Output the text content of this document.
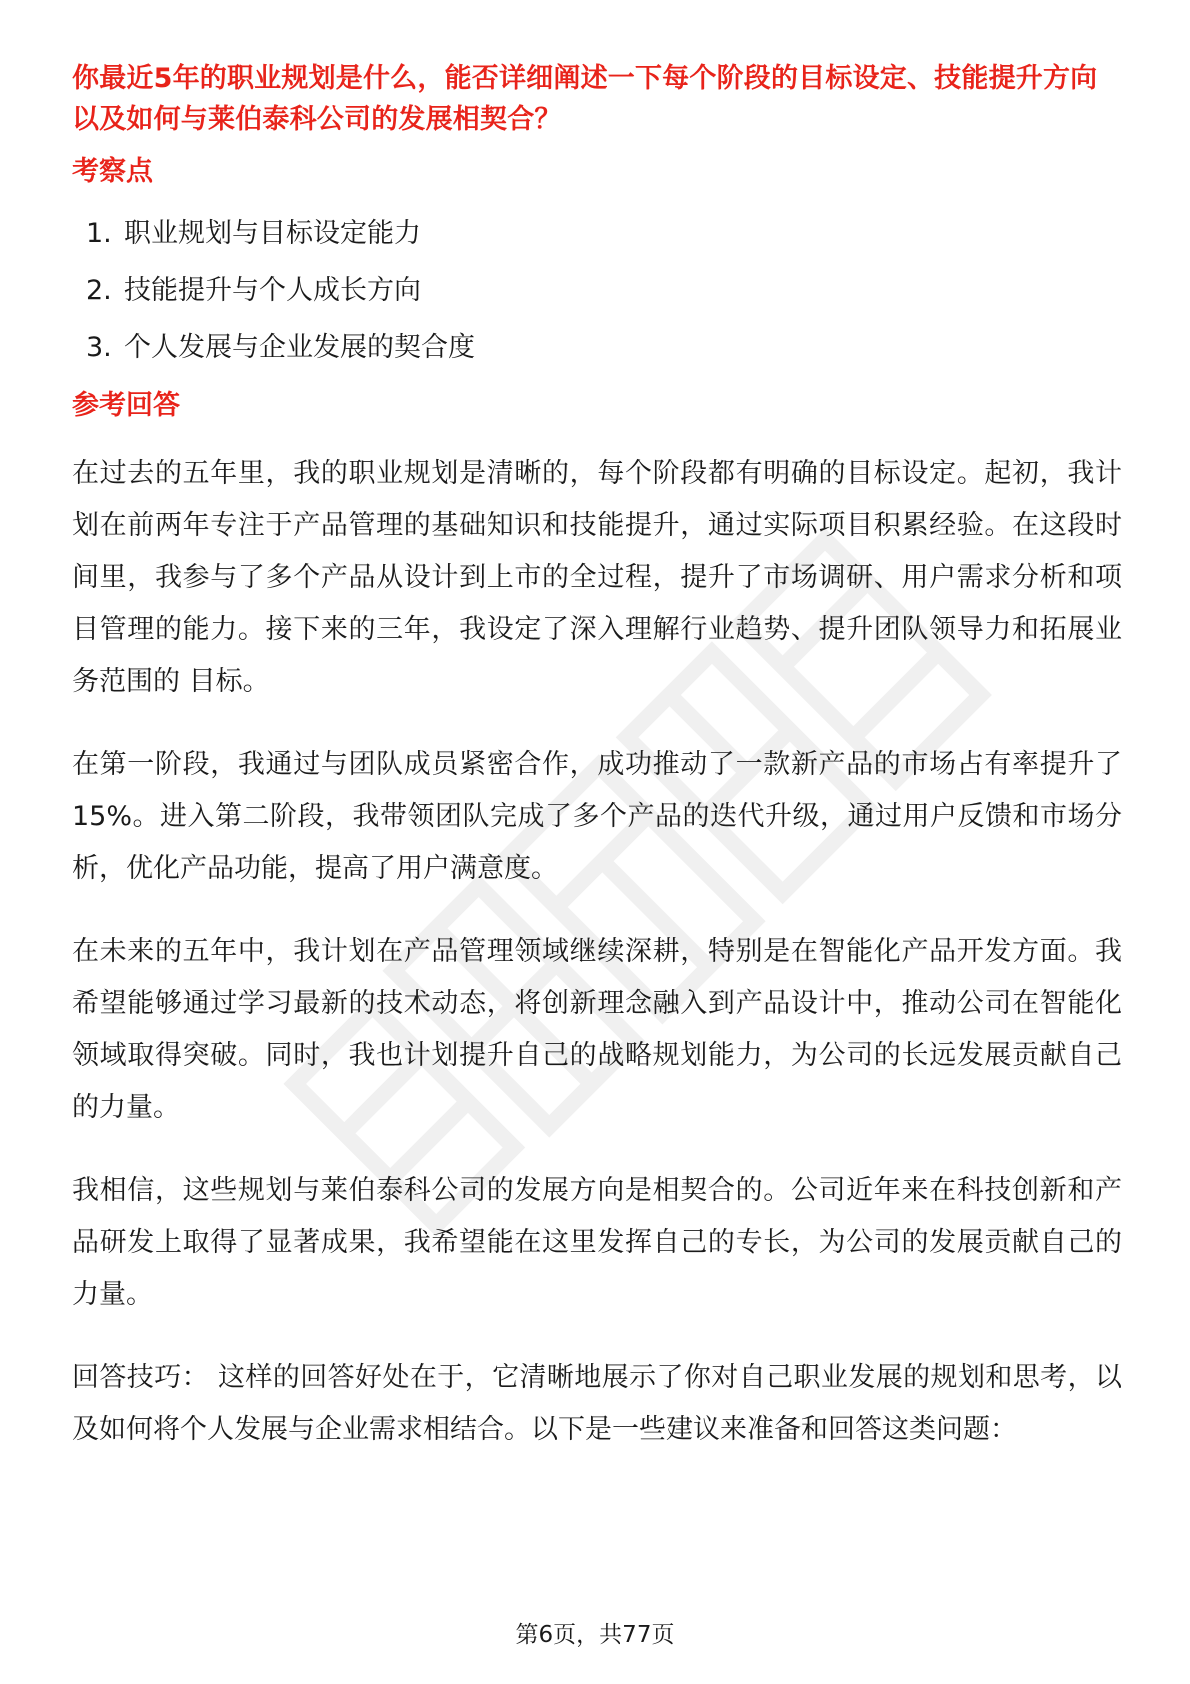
你最近5年的职业规划是什么，能否详细阐述一下每个阶段的目标设定、技能提升方向以及如何与莱伯泰科公司的发展相契合？
考察点
1. 职业规划与目标设定能力
2. 技能提升与个人成长方向
3. 个人发展与企业发展的契合度
参考回答

在过去的五年里，我的职业规划是清晰的，每个阶段都有明确的目标设定。起初，我计划在前两年专注于产品管理的基础知识和技能提升，通过实际项目积累经验。在这段时间里，我参与了多个产品从设计到上市的全过程，提升了市场调研、用户需求分析和项目管理的能力。接下来的三年，我设定了深入理解行业趋势、提升团队领导力和拓展业务范围的 目标。

在第一阶段，我通过与团队成员紧密合作，成功推动了一款新产品的市场占有率提升了15%。进入第二阶段，我带领团队完成了多个产品的迭代升级，通过用户反馈和市场分析，优化产品功能，提高了用户满意度。

在未来的五年中，我计划在产品管理领域继续深耕，特别是在智能化产品开发方面。我希望能够通过学习最新的技术动态，将创新理念融入到产品设计中，推动公司在智能化领域取得突破。同时，我也计划提升自己的战略规划能力，为公司的长远发展贡献自己的力量。

我相信，这些规划与莱伯泰科公司的发展方向是相契合的。公司近年来在科技创新和产品研发上取得了显著成果，我希望能在这里发挥自己的专长，为公司的发展贡献自己的力量。

回答技巧： 这样的回答好处在于，它清晰地展示了你对自己职业发展的规划和思考，以及如何将个人发展与企业需求相结合。以下是一些建议来准备和回答这类问题：

第6页，共77页
